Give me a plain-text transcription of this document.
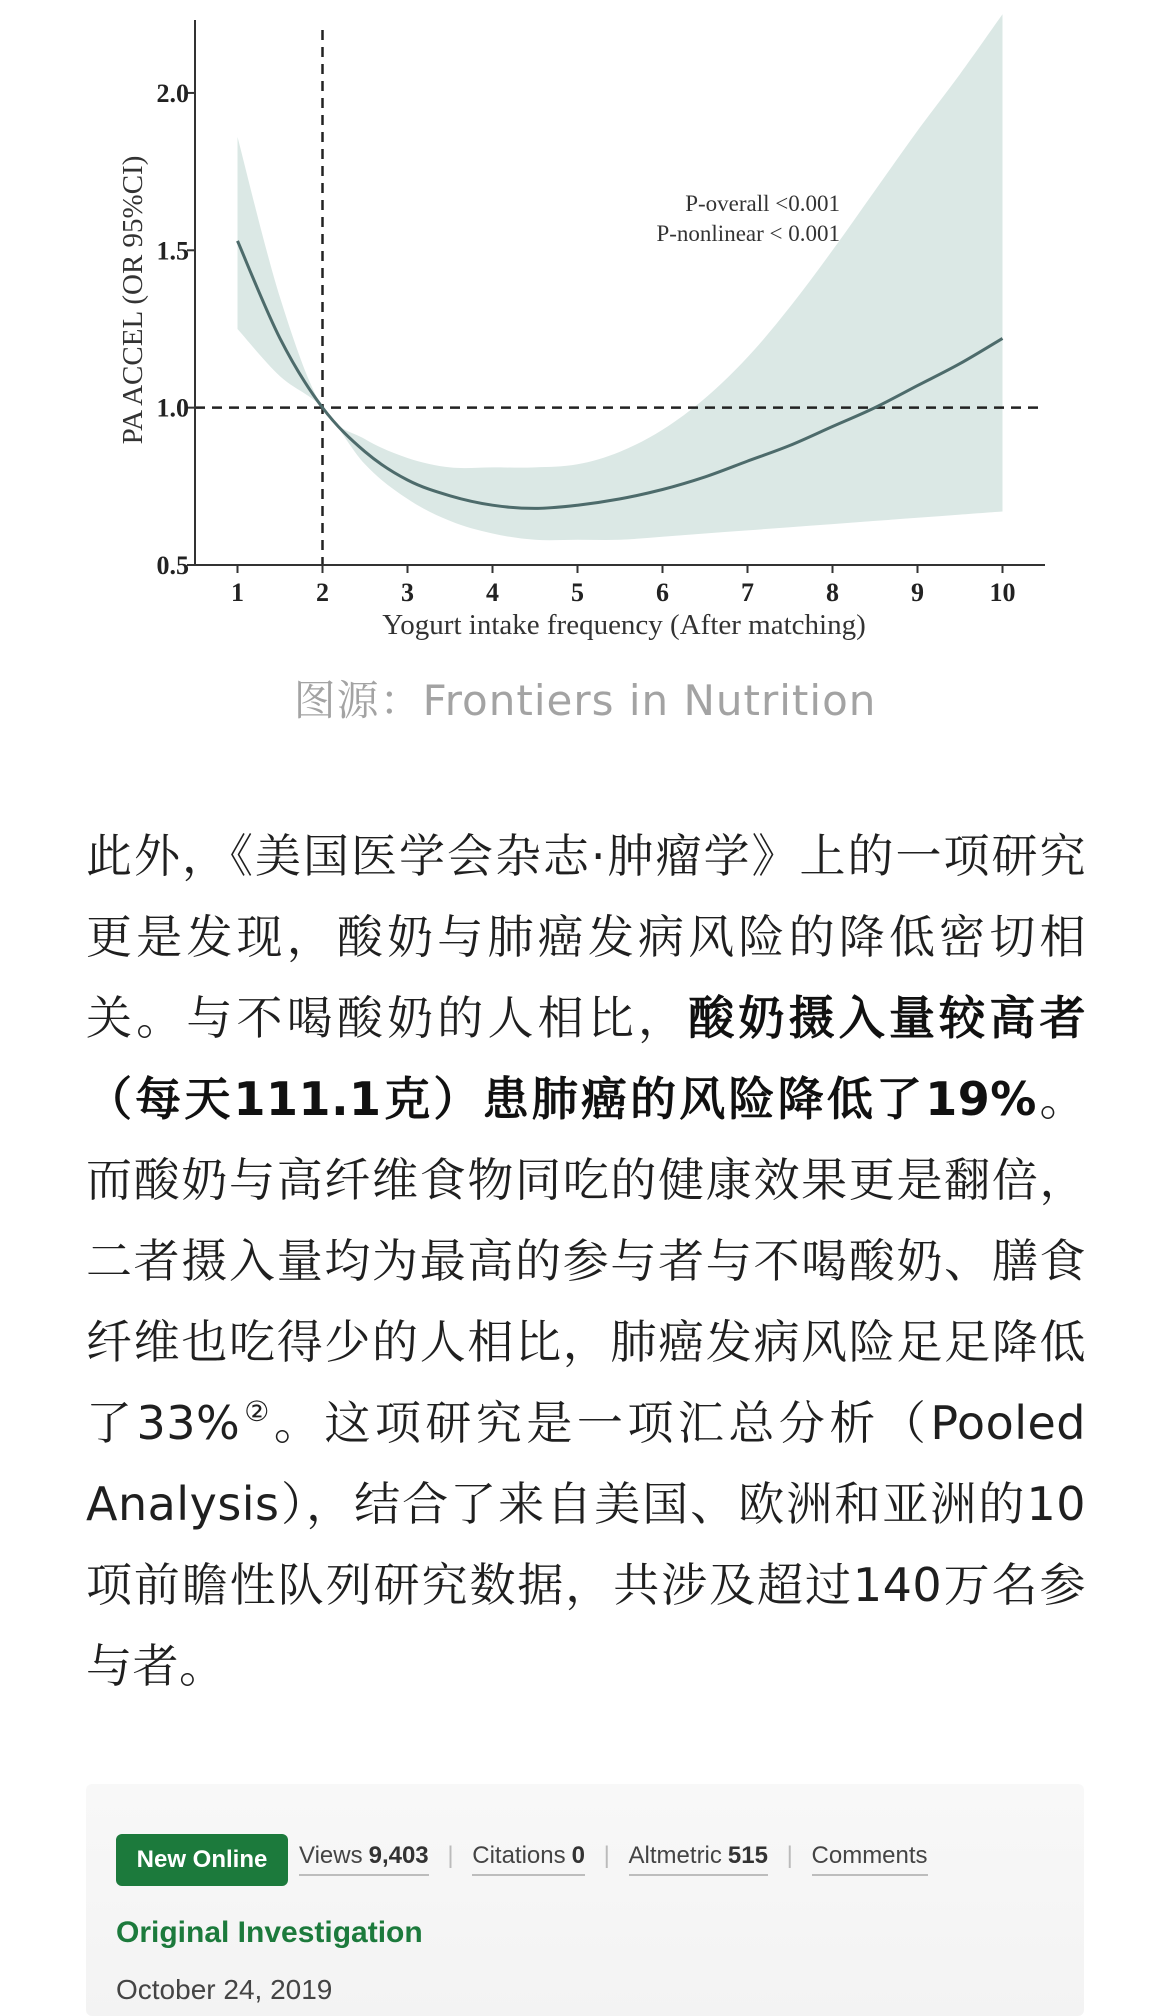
1	2	3	4	5	6	7	8	9	10
0.5
1.0
1.5
2.0
PA ACCEL (OR 95%CI)
Yogurt intake frequency (After matching)
P-overall <0.001
P-nonlinear < 0.001
图源：Frontiers in Nutrition
此外，《美国医学会杂志·肿瘤学》上的一项研究更是发现，酸奶与肺癌发病风险的降低密切相关。与不喝酸奶的人相比，酸奶摄入量较高者（每天111.1克）患肺癌的风险降低了19%。而酸奶与高纤维食物同吃的健康效果更是翻倍，二者摄入量均为最高的参与者与不喝酸奶、膳食纤维也吃得少的人相比，肺癌发病风险足足降低了33%②。这项研究是一项汇总分析（Pooled Analysis），结合了来自美国、欧洲和亚洲的10项前瞻性队列研究数据，共涉及超过140万名参与者。
New Online	Views 9,403 | Citations 0 | Altmetric 515 | Comments
Original Investigation
October 24, 2019
